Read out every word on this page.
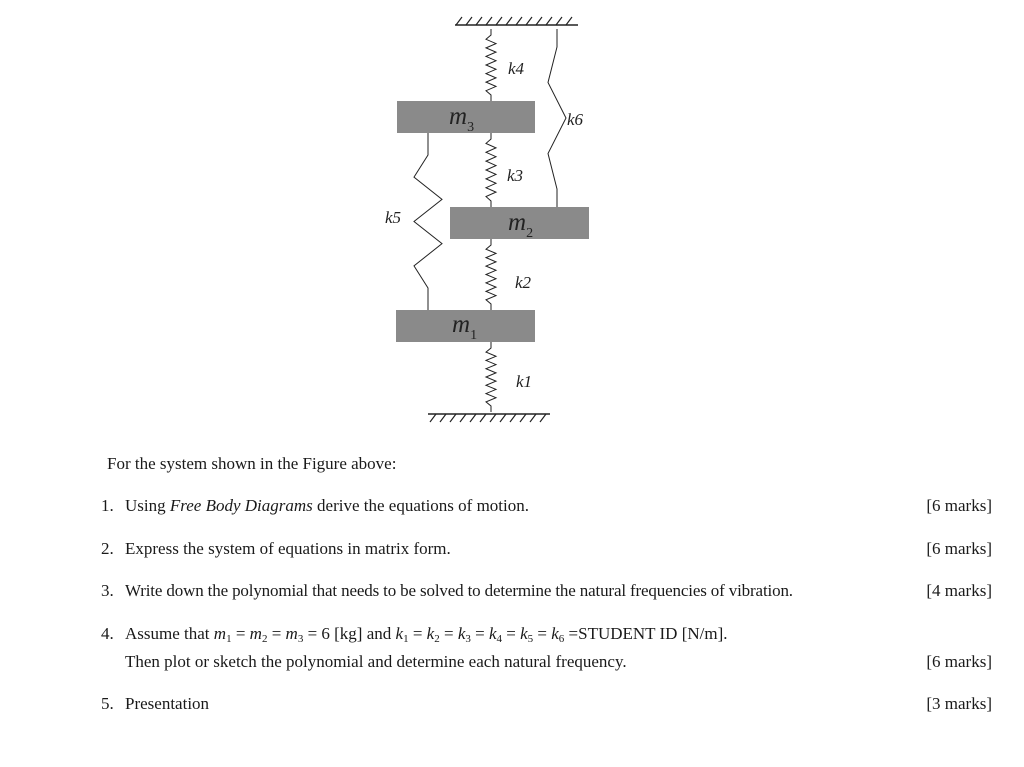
$m_3$
$m_2$
$m_1$
k4
k6
k3
k5
k2
k1
For the system shown in the Figure above:
1. Using Free Body Diagrams derive the equations of motion.	[6 marks]
2. Express the system of equations in matrix form.	[6 marks]
3. Write down the polynomial that needs to be solved to determine the natural frequencies of vibration.	[4 marks]
4. Assume that $m_1 = m_2 = m_3 = 6$ [kg] and $k_1 = k_2 = k_3 = k_4 = k_5 = k_6$ =STUDENT ID [N/m].
Then plot or sketch the polynomial and determine each natural frequency.	[6 marks]
5. Presentation	[3 marks]
